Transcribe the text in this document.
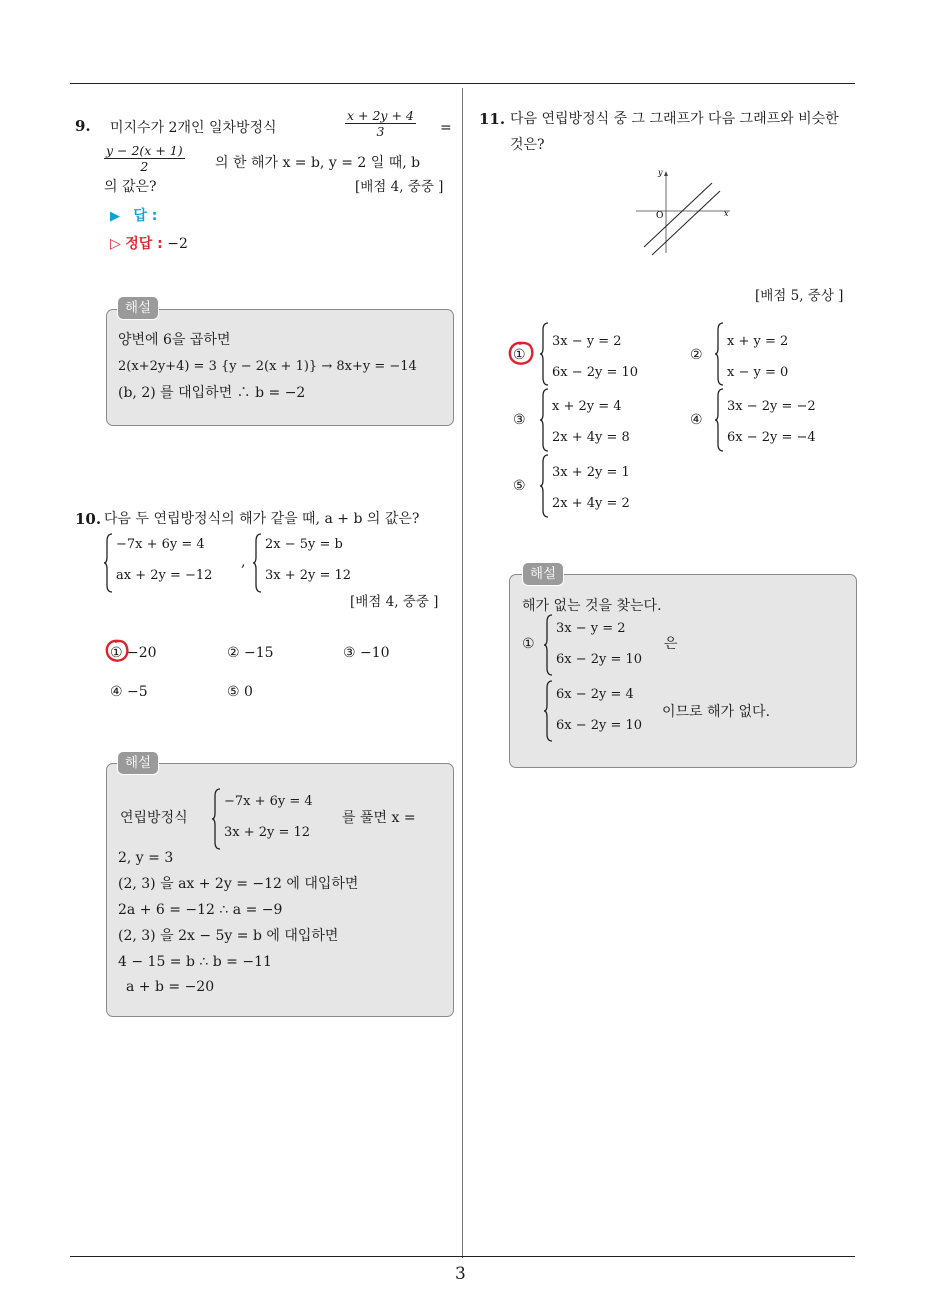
3
9. 미지수가 2개인 일차방정식	$\frac{x + 2y + 4}{3}$ =
$\frac{y - 2(x + 1)}{2}$ 의 한 해가 x = b, y = 2 일 때, b
의 값은?	[배점 4, 중중 ]
▶ 답 :
▷ 정답 : −2
해설
양변에 6을 곱하면
2(x+2y+4) = 3 {y − 2(x + 1)} → 8x+y = −14
(b, 2) 를 대입하면 ∴ b = −2
10. 다음 두 연립방정식의 해가 같을 때, a + b 의 값은?
−7x + 6y = 4
ax + 2y = −12
,
2x − 5y = b
3x + 2y = 12
[배점 4, 중중 ]
① −20	② −15	③ −10
④ −5	⑤ 0
해설
연립방정식
−7x + 6y = 4
3x + 2y = 12
를 풀면 x =
2, y = 3
(2, 3) 을 ax + 2y = −12 에 대입하면
2a + 6 = −12 ∴ a = −9
(2, 3) 을 2x − 5y = b 에 대입하면
4 − 15 = b ∴ b = −11
a + b = −20
11. 다음 연립방정식 중 그 그래프가 다음 그래프와 비슷한
것은?
y
O	x
[배점 5, 중상 ]
①
3x − y = 2
6x − 2y = 10
②
x + y = 2
x − y = 0
③
x + 2y = 4
2x + 4y = 8
④
3x − 2y = −2
6x − 2y = −4
⑤
3x + 2y = 1
2x + 4y = 2
해설
해가 없는 것을 찾는다.
①
3x − y = 2
6x − 2y = 10
은
6x − 2y = 4
6x − 2y = 10
이므로 해가 없다.
